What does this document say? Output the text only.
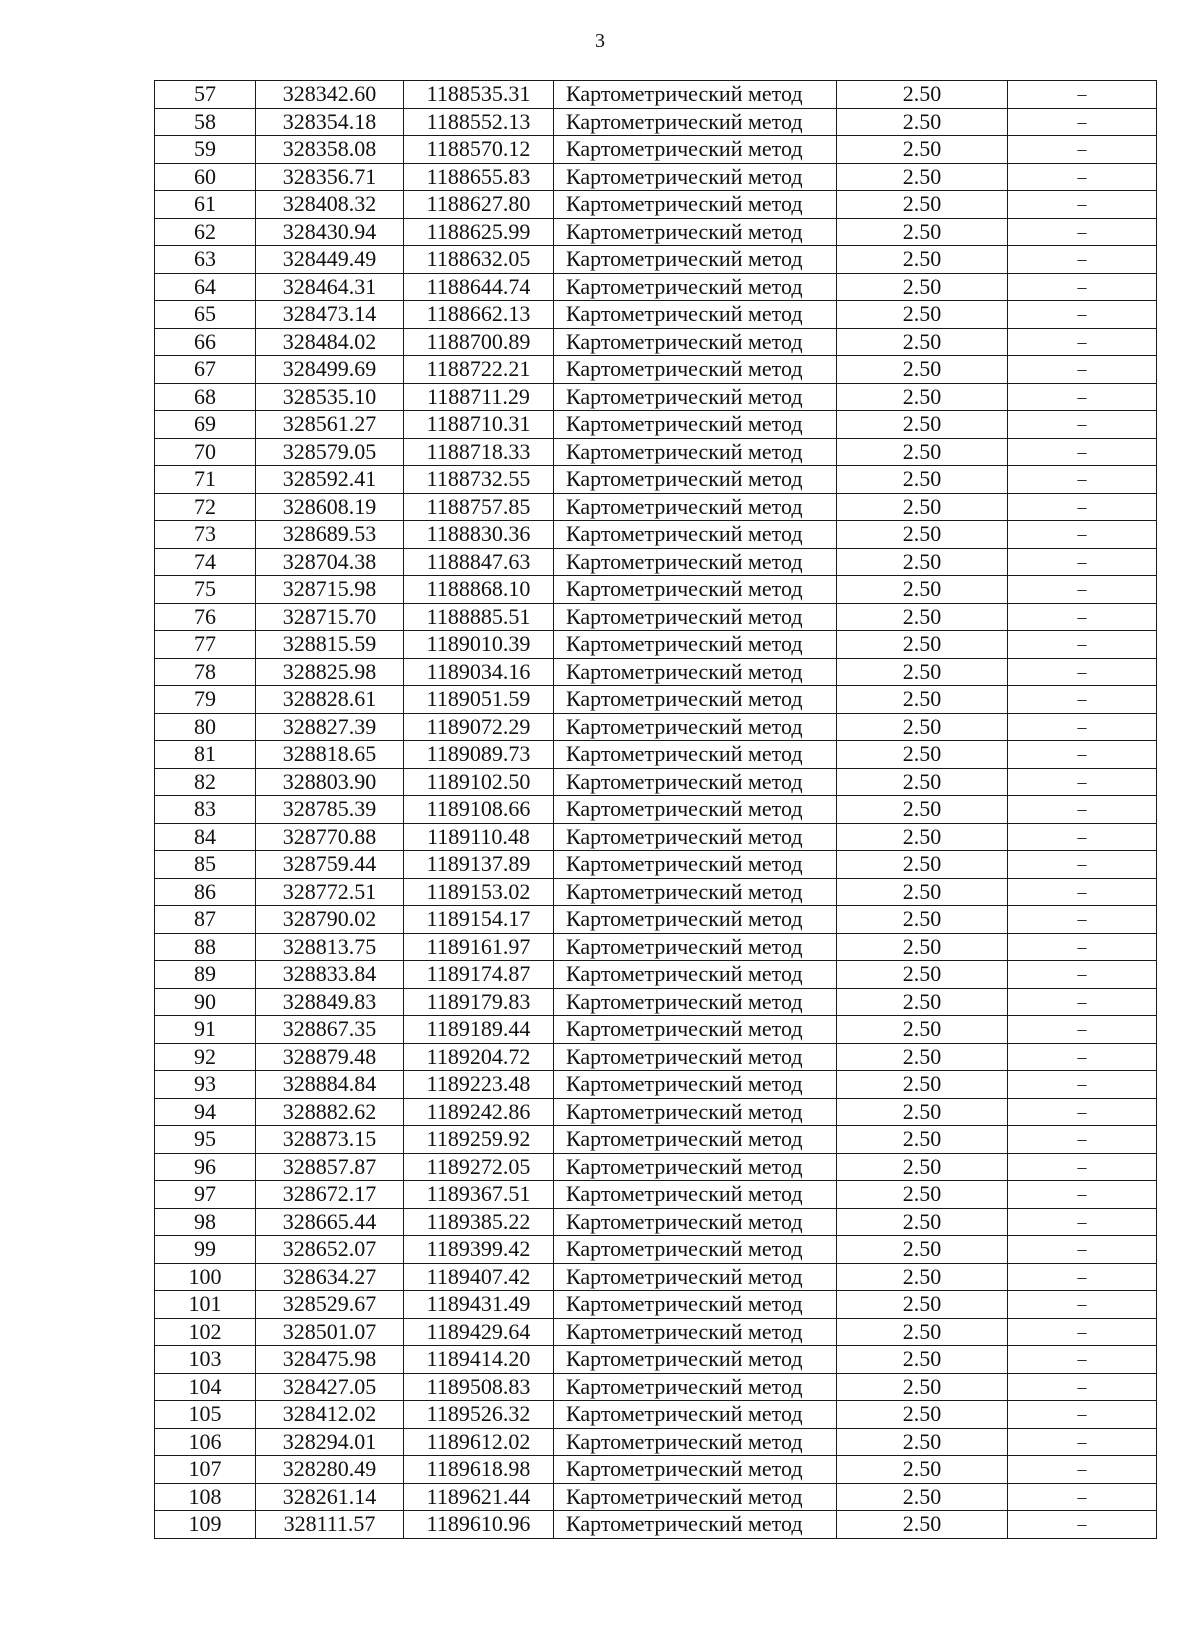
3
57	328342.60	1188535.31	Картометрический метод	2.50	–
58	328354.18	1188552.13	Картометрический метод	2.50	–
59	328358.08	1188570.12	Картометрический метод	2.50	–
60	328356.71	1188655.83	Картометрический метод	2.50	–
61	328408.32	1188627.80	Картометрический метод	2.50	–
62	328430.94	1188625.99	Картометрический метод	2.50	–
63	328449.49	1188632.05	Картометрический метод	2.50	–
64	328464.31	1188644.74	Картометрический метод	2.50	–
65	328473.14	1188662.13	Картометрический метод	2.50	–
66	328484.02	1188700.89	Картометрический метод	2.50	–
67	328499.69	1188722.21	Картометрический метод	2.50	–
68	328535.10	1188711.29	Картометрический метод	2.50	–
69	328561.27	1188710.31	Картометрический метод	2.50	–
70	328579.05	1188718.33	Картометрический метод	2.50	–
71	328592.41	1188732.55	Картометрический метод	2.50	–
72	328608.19	1188757.85	Картометрический метод	2.50	–
73	328689.53	1188830.36	Картометрический метод	2.50	–
74	328704.38	1188847.63	Картометрический метод	2.50	–
75	328715.98	1188868.10	Картометрический метод	2.50	–
76	328715.70	1188885.51	Картометрический метод	2.50	–
77	328815.59	1189010.39	Картометрический метод	2.50	–
78	328825.98	1189034.16	Картометрический метод	2.50	–
79	328828.61	1189051.59	Картометрический метод	2.50	–
80	328827.39	1189072.29	Картометрический метод	2.50	–
81	328818.65	1189089.73	Картометрический метод	2.50	–
82	328803.90	1189102.50	Картометрический метод	2.50	–
83	328785.39	1189108.66	Картометрический метод	2.50	–
84	328770.88	1189110.48	Картометрический метод	2.50	–
85	328759.44	1189137.89	Картометрический метод	2.50	–
86	328772.51	1189153.02	Картометрический метод	2.50	–
87	328790.02	1189154.17	Картометрический метод	2.50	–
88	328813.75	1189161.97	Картометрический метод	2.50	–
89	328833.84	1189174.87	Картометрический метод	2.50	–
90	328849.83	1189179.83	Картометрический метод	2.50	–
91	328867.35	1189189.44	Картометрический метод	2.50	–
92	328879.48	1189204.72	Картометрический метод	2.50	–
93	328884.84	1189223.48	Картометрический метод	2.50	–
94	328882.62	1189242.86	Картометрический метод	2.50	–
95	328873.15	1189259.92	Картометрический метод	2.50	–
96	328857.87	1189272.05	Картометрический метод	2.50	–
97	328672.17	1189367.51	Картометрический метод	2.50	–
98	328665.44	1189385.22	Картометрический метод	2.50	–
99	328652.07	1189399.42	Картометрический метод	2.50	–
100	328634.27	1189407.42	Картометрический метод	2.50	–
101	328529.67	1189431.49	Картометрический метод	2.50	–
102	328501.07	1189429.64	Картометрический метод	2.50	–
103	328475.98	1189414.20	Картометрический метод	2.50	–
104	328427.05	1189508.83	Картометрический метод	2.50	–
105	328412.02	1189526.32	Картометрический метод	2.50	–
106	328294.01	1189612.02	Картометрический метод	2.50	–
107	328280.49	1189618.98	Картометрический метод	2.50	–
108	328261.14	1189621.44	Картометрический метод	2.50	–
109	328111.57	1189610.96	Картометрический метод	2.50	–
